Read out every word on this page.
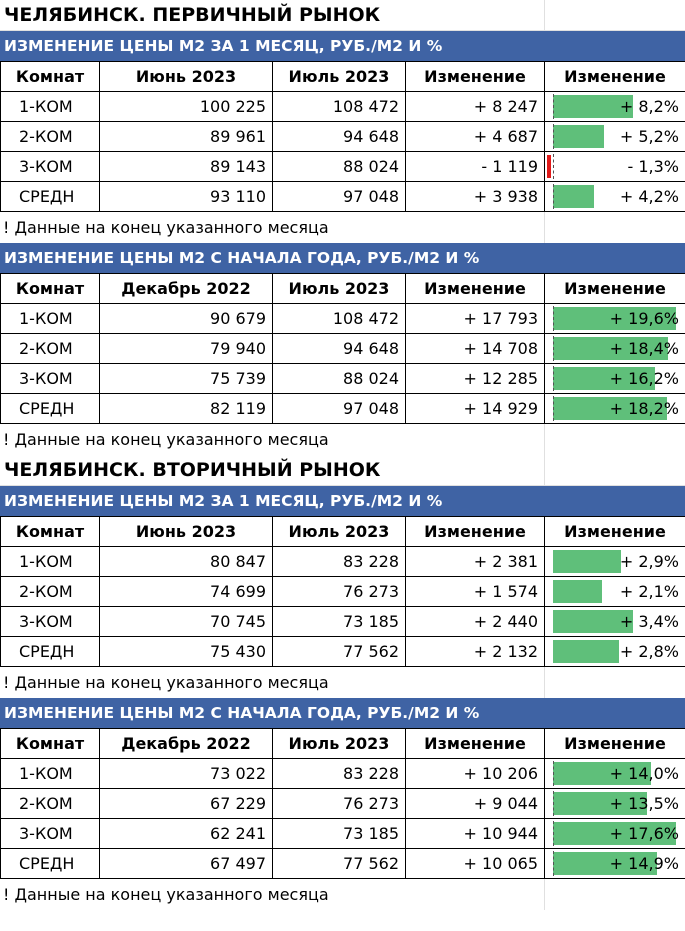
ЧЕЛЯБИНСК. ПЕРВИЧНЫЙ РЫНОК
ИЗМЕНЕНИЕ ЦЕНЫ М2 ЗА 1 МЕСЯЦ, РУБ./М2 И %
Комнат	Июнь 2023	Июль 2023	Изменение	Изменение
1-КОМ	100 225	108 472	+ 8 247	+ 8,2%

2-КОМ	89 961	94 648	+ 4 687	+ 5,2%

3-КОМ	89 143	88 024	- 1 119	- 1,3%

СРЕДН	93 110	97 048	+ 3 938	+ 4,2%
! Данные на конец указанного месяца
ИЗМЕНЕНИЕ ЦЕНЫ М2 С НАЧАЛА ГОДА, РУБ./М2 И %
Комнат	Декабрь 2022	Июль 2023	Изменение	Изменение
1-КОМ	90 679	108 472	+ 17 793	+ 19,6%

2-КОМ	79 940	94 648	+ 14 708	+ 18,4%

3-КОМ	75 739	88 024	+ 12 285	+ 16,2%

СРЕДН	82 119	97 048	+ 14 929	+ 18,2%
! Данные на конец указанного месяца
ЧЕЛЯБИНСК. ВТОРИЧНЫЙ РЫНОК
ИЗМЕНЕНИЕ ЦЕНЫ М2 ЗА 1 МЕСЯЦ, РУБ./М2 И %
Комнат	Июнь 2023	Июль 2023	Изменение	Изменение
1-КОМ	80 847	83 228	+ 2 381	+ 2,9%

2-КОМ	74 699	76 273	+ 1 574	+ 2,1%

3-КОМ	70 745	73 185	+ 2 440	+ 3,4%

СРЕДН	75 430	77 562	+ 2 132	+ 2,8%
! Данные на конец указанного месяца
ИЗМЕНЕНИЕ ЦЕНЫ М2 С НАЧАЛА ГОДА, РУБ./М2 И %
Комнат	Декабрь 2022	Июль 2023	Изменение	Изменение
1-КОМ	73 022	83 228	+ 10 206	+ 14,0%

2-КОМ	67 229	76 273	+ 9 044	+ 13,5%

3-КОМ	62 241	73 185	+ 10 944	+ 17,6%

СРЕДН	67 497	77 562	+ 10 065	+ 14,9%
! Данные на конец указанного месяца
